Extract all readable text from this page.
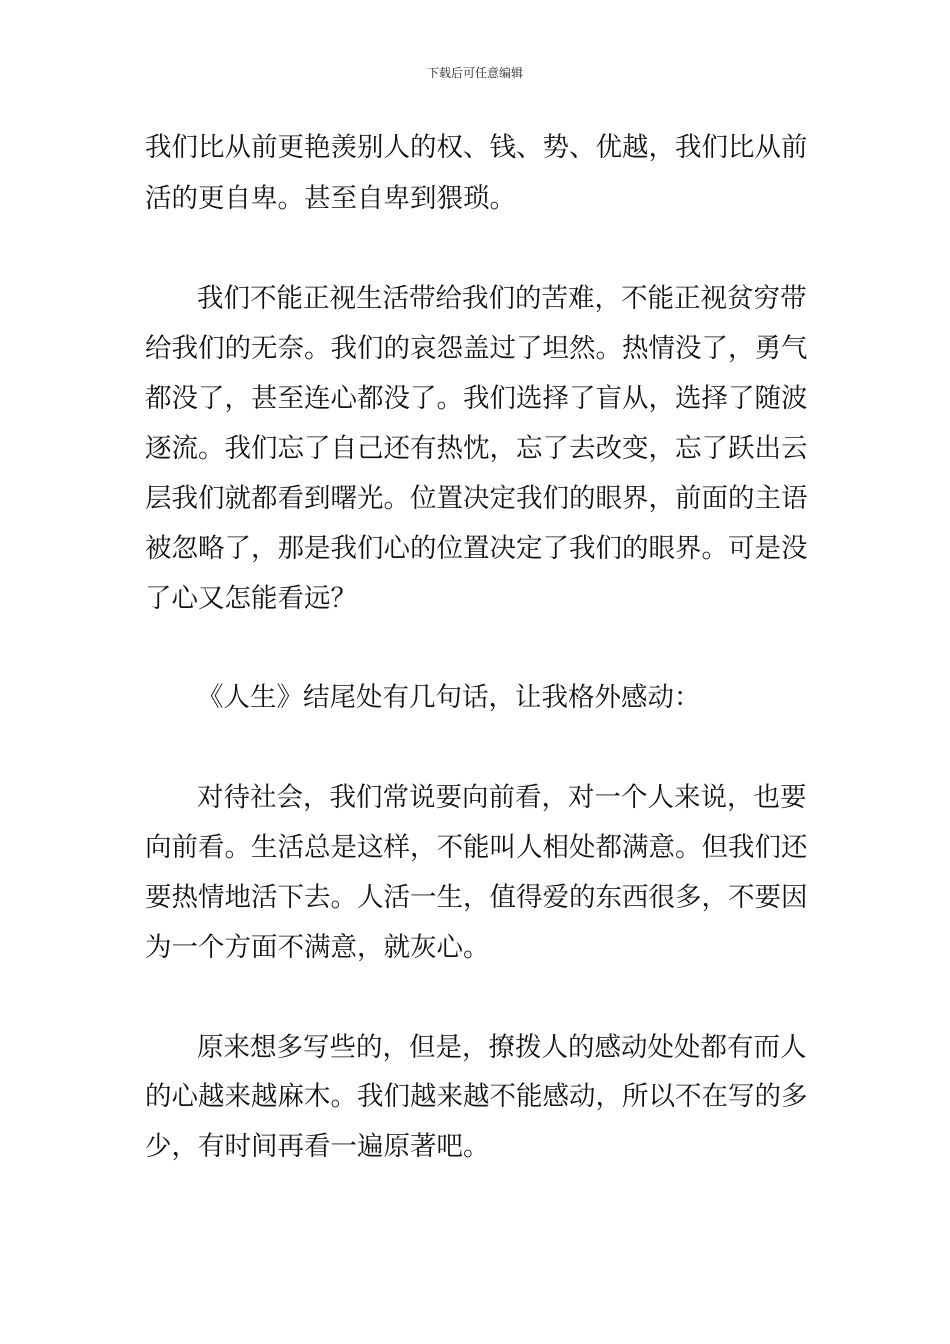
下载后可任意编辑
我们比从前更艳羡别人的权、钱、势、优越，我们比从前
活的更自卑。甚至自卑到猥琐。
我们不能正视生活带给我们的苦难，不能正视贫穷带
给我们的无奈。我们的哀怨盖过了坦然。热情没了，勇气
都没了，甚至连心都没了。我们选择了盲从，选择了随波
逐流。我们忘了自己还有热忱，忘了去改变，忘了跃出云
层我们就都看到曙光。位置决定我们的眼界，前面的主语
被忽略了，那是我们心的位置决定了我们的眼界。可是没
了心又怎能看远？
《人生》结尾处有几句话，让我格外感动：
对待社会，我们常说要向前看，对一个人来说，也要
向前看。生活总是这样，不能叫人相处都满意。但我们还
要热情地活下去。人活一生，值得爱的东西很多，不要因
为一个方面不满意，就灰心。
原来想多写些的，但是，撩拨人的感动处处都有而人
的心越来越麻木。我们越来越不能感动，所以不在写的多
少，有时间再看一遍原著吧。
